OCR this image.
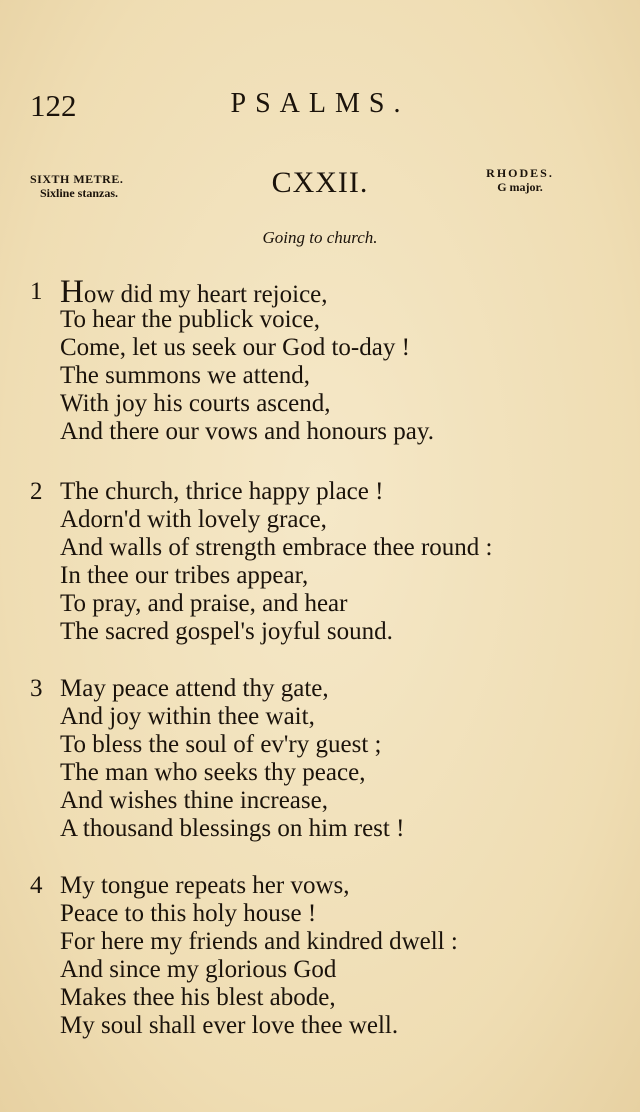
122	PSALMS.
SIXTH METRE.
Sixline stanzas.	CXXII.	RHODES.
G major.
Going to church.
1 How did my heart rejoice,
To hear the publick voice,
Come, let us seek our God to-day !
The summons we attend,
With joy his courts ascend,
And there our vows and honours pay.
2 The church, thrice happy place !
Adorn'd with lovely grace,
And walls of strength embrace thee round :
In thee our tribes appear,
To pray, and praise, and hear
The sacred gospel's joyful sound.
3 May peace attend thy gate,
And joy within thee wait,
To bless the soul of ev'ry guest ;
The man who seeks thy peace,
And wishes thine increase,
A thousand blessings on him rest !
4 My tongue repeats her vows,
Peace to this holy house !
For here my friends and kindred dwell :
And since my glorious God
Makes thee his blest abode,
My soul shall ever love thee well.
